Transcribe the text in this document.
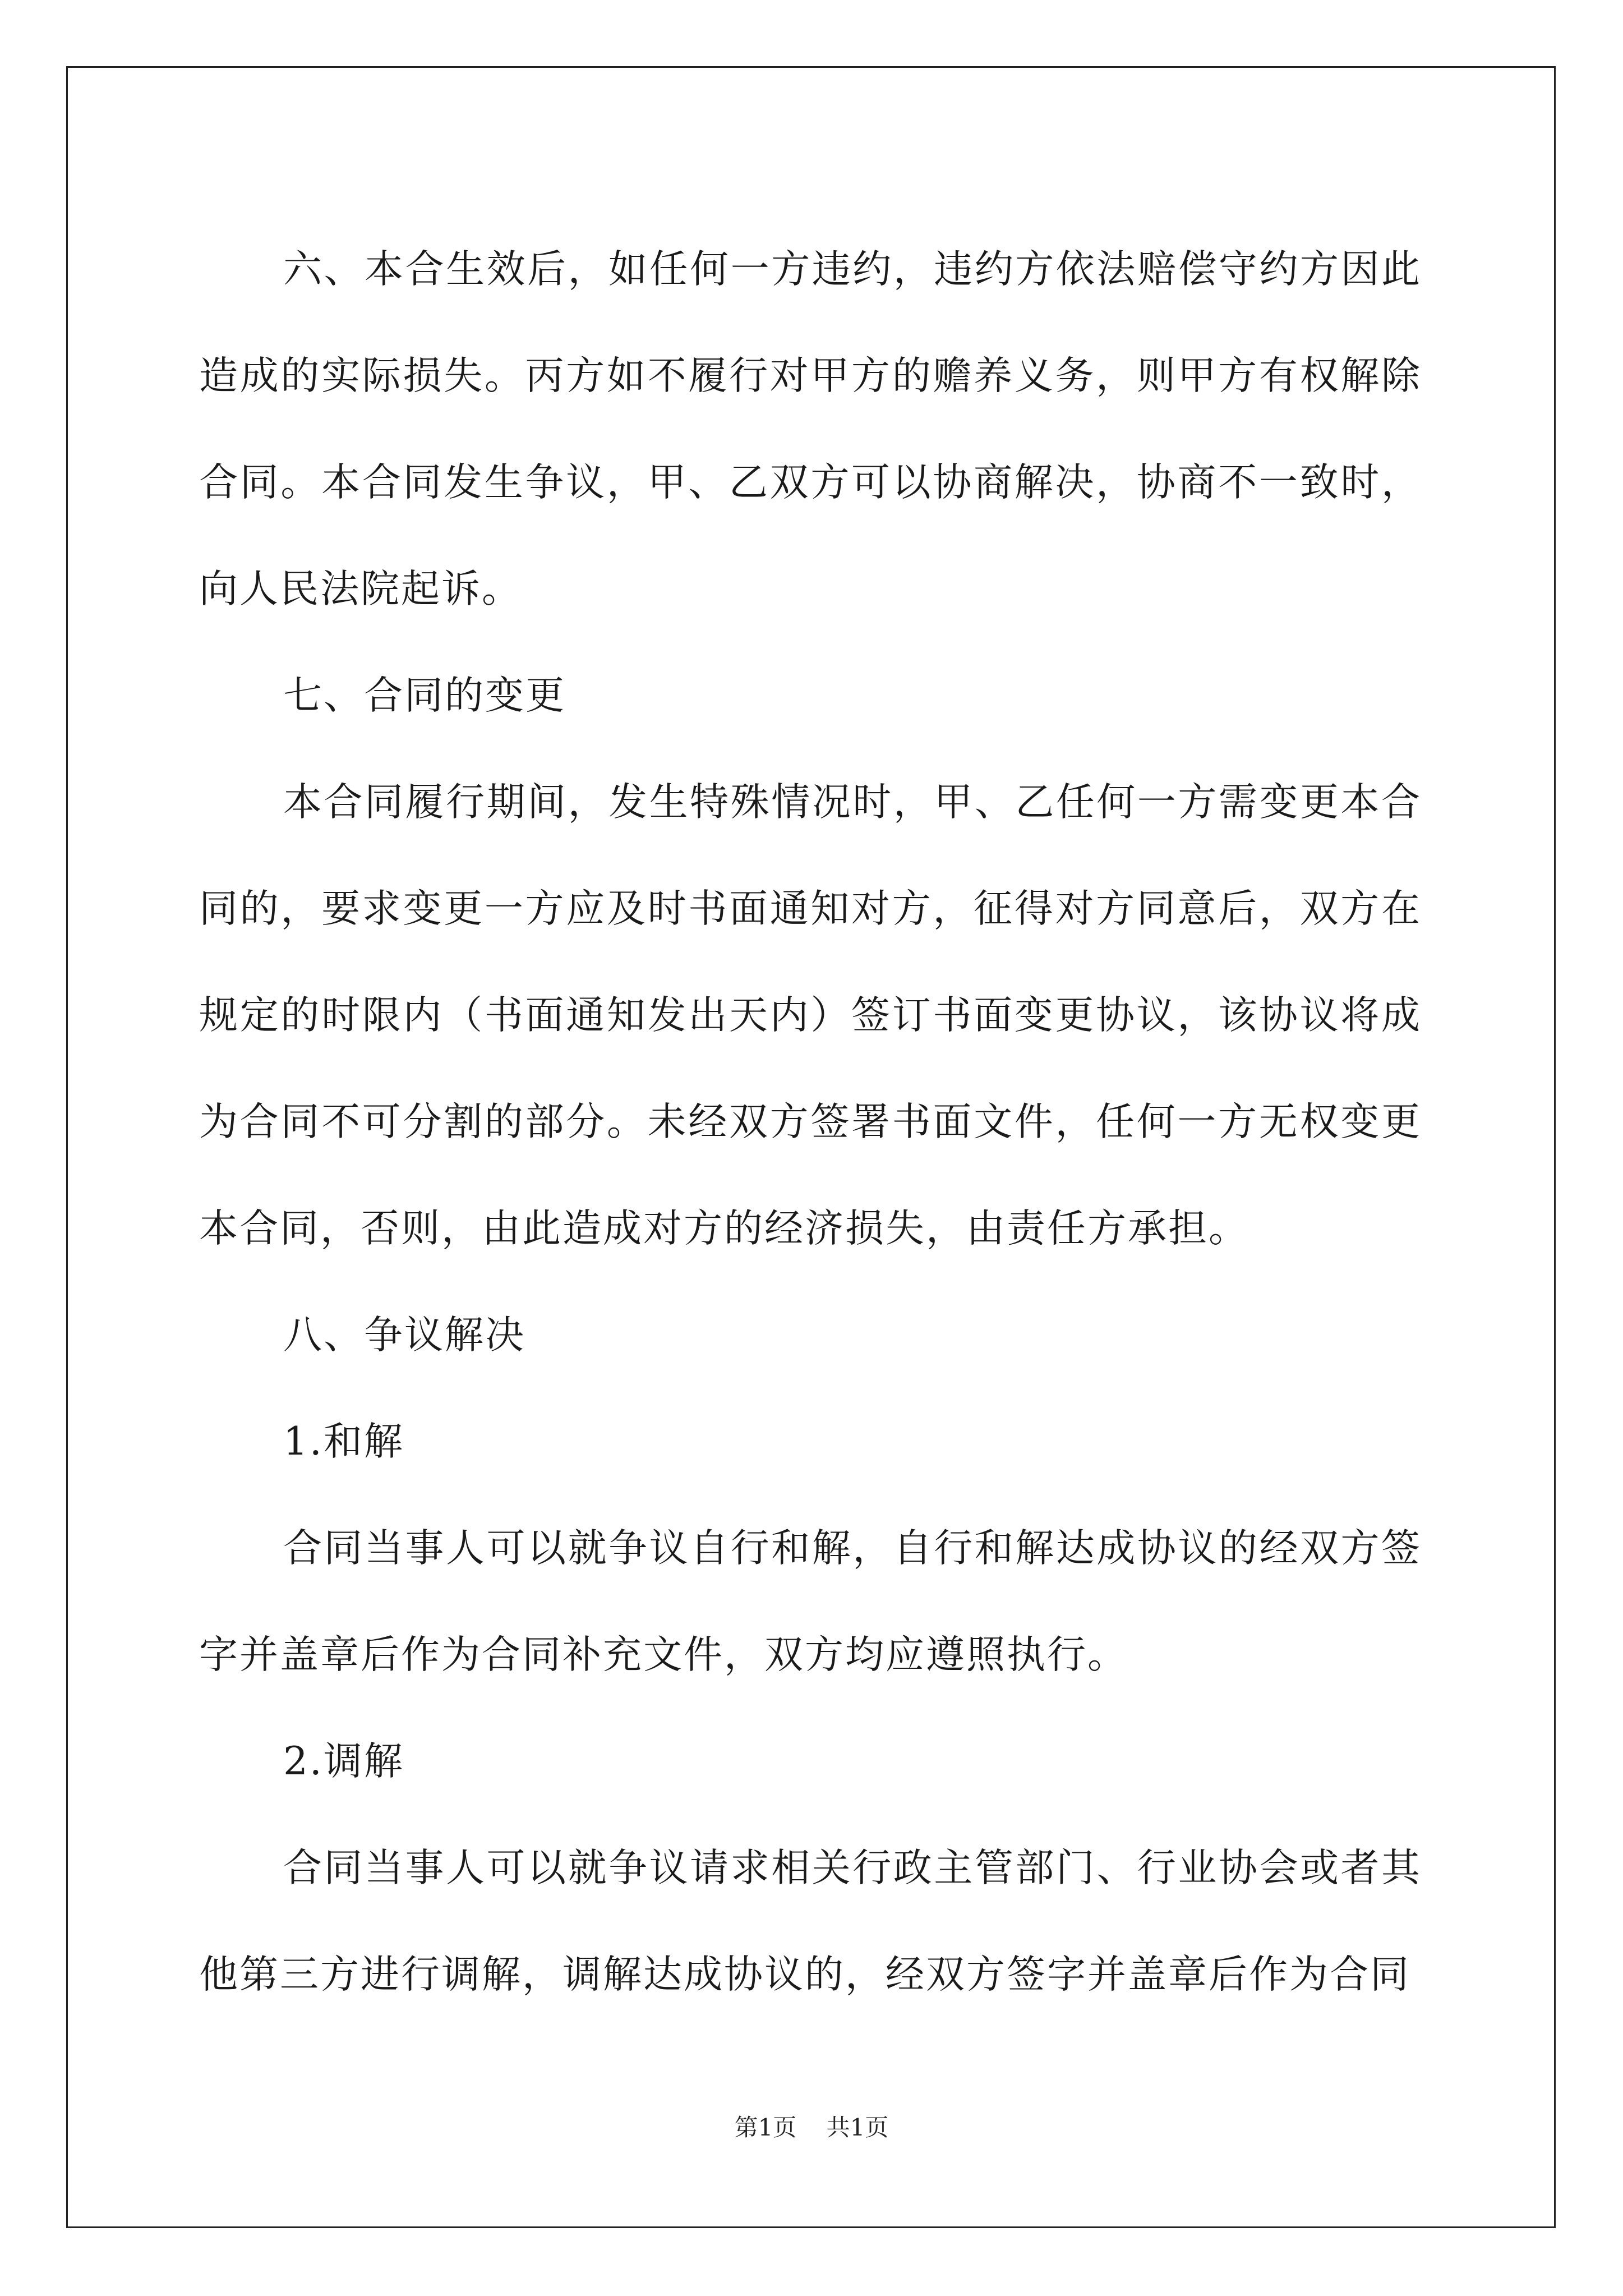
六、本合生效后，如任何一方违约，违约方依法赔偿守约方因此造成的实际损失。丙方如不履行对甲方的赡养义务，则甲方有权解除合同。本合同发生争议，甲、乙双方可以协商解决，协商不一致时，向人民法院起诉。

七、合同的变更

本合同履行期间，发生特殊情况时，甲、乙任何一方需变更本合同的，要求变更一方应及时书面通知对方，征得对方同意后，双方在规定的时限内（书面通知发出天内）签订书面变更协议，该协议将成为合同不可分割的部分。未经双方签署书面文件，任何一方无权变更本合同，否则，由此造成对方的经济损失，由责任方承担。

八、争议解决

1.和解

合同当事人可以就争议自行和解，自行和解达成协议的经双方签字并盖章后作为合同补充文件，双方均应遵照执行。

2.调解

合同当事人可以就争议请求相关行政主管部门、行业协会或者其他第三方进行调解，调解达成协议的，经双方签字并盖章后作为合同

第1页 共1页
